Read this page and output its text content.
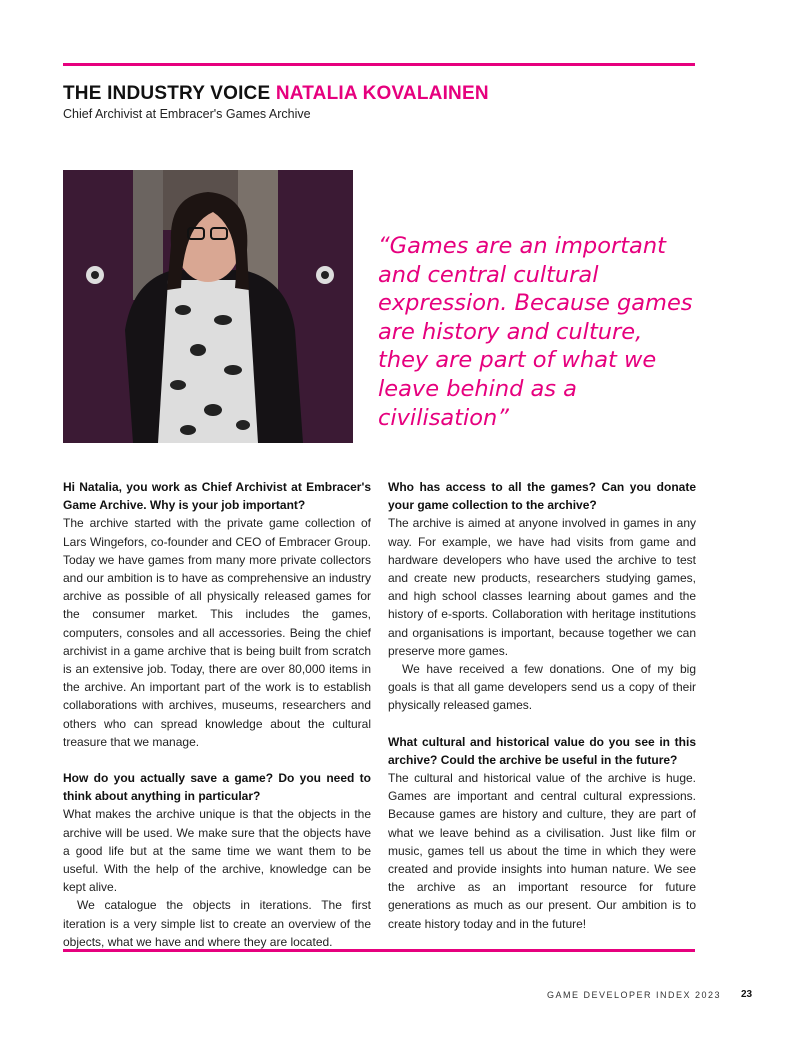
THE INDUSTRY VOICE NATALIA KOVALAINEN
Chief Archivist at Embracer's Games Archive
“Games are an important and central cultural expression. Because games are history and culture, they are part of what we leave behind as a civilisation”
Hi Natalia, you work as Chief Archivist at Embracer's Game Archive. Why is your job important?

The archive started with the private game collection of Lars Wingefors, co-founder and CEO of Embracer Group. Today we have games from many more private collectors and our ambition is to have as comprehensive an industry archive as possible of all physically released games for the consumer market. This includes the games, computers, consoles and all accessories. Being the chief archivist in a game archive that is being built from scratch is an extensive job. Today, there are over 80,000 items in the archive. An important part of the work is to establish collaborations with archives, museums, researchers and others who can spread knowledge about the cultural treasure that we manage.

How do you actually save a game? Do you need to think about anything in particular?

What makes the archive unique is that the objects in the archive will be used. We make sure that the objects have a good life but at the same time we want them to be useful. With the help of the archive, knowledge can be kept alive.

We catalogue the objects in iterations. The first iteration is a very simple list to create an overview of the objects, what we have and where they are located.

Who has access to all the games? Can you donate your game collection to the archive?

The archive is aimed at anyone involved in games in any way. For example, we have had visits from game and hardware developers who have used the archive to test and create new products, researchers studying games, and high school classes learning about games and the history of e-sports. Collaboration with heritage institutions and organisations is important, because together we can preserve more games.

We have received a few donations. One of my big goals is that all game developers send us a copy of their physically released games.

What cultural and historical value do you see in this archive? Could the archive be useful in the future?

The cultural and historical value of the archive is huge. Games are important and central cultural expressions. Because games are history and culture, they are part of what we leave behind as a civilisation. Just like film or music, games tell us about the time in which they were created and provide insights into human nature. We see the archive as an important resource for future generations as much as our present. Our ambition is to create history today and in the future!

GAME DEVELOPER INDEX 2023 23
